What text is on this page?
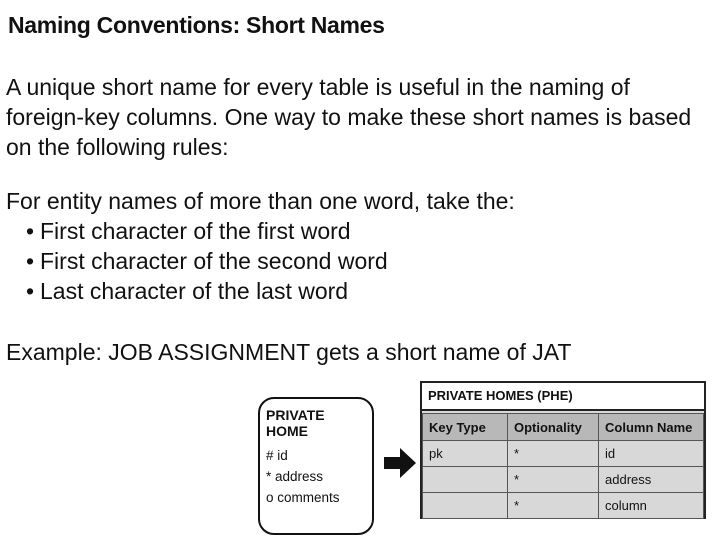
Naming Conventions: Short Names
A unique short name for every table is useful in the naming of foreign-key columns. One way to make these short names is based on the following rules:
For entity names of more than one word, take the:
• First character of the first word
• First character of the second word
• Last character of the last word
Example: JOB ASSIGNMENT gets a short name of JAT
PRIVATE HOME
# id
* address
o comments
PRIVATE HOMES (PHE)
Key Type	Optionality	Column Name
pk	*	id
	*	address
	*	column
